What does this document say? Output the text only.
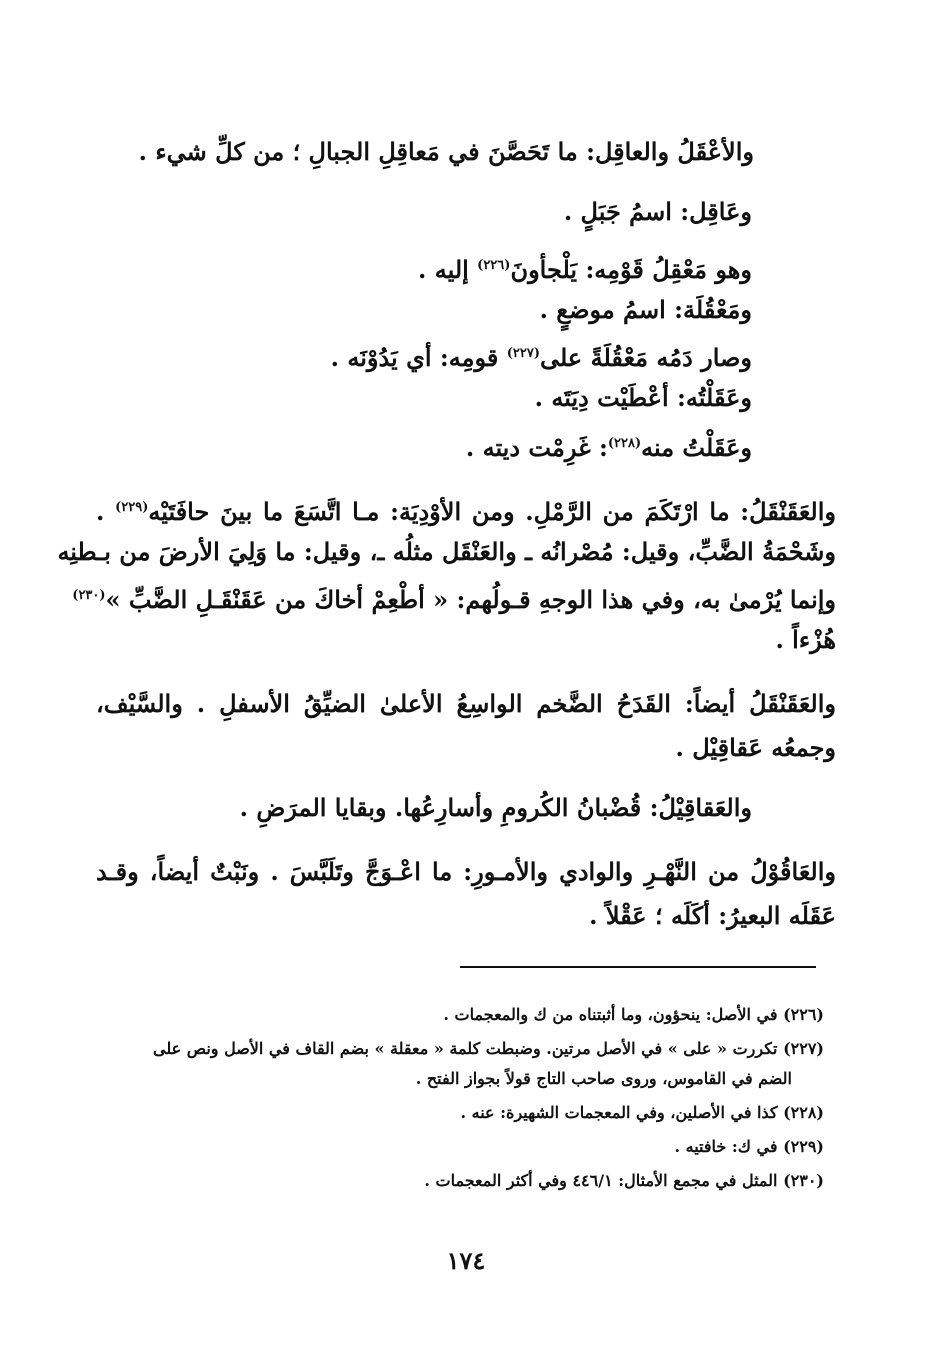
والأعْقَلُ والعاقِل: ما تَحَصَّنَ في مَعاقِلِ الجبالِ ؛ من كلِّ شيء .
وعَاقِل: اسمُ جَبَلٍ .
وهو مَعْقِلُ قَوْمِه: يَلْجأونَ$^{(٢٢٦)}$ إليه .
ومَعْقُلَة: اسمُ موضعٍ .
وصار دَمُه مَعْقُلَةً على$^{(٢٢٧)}$ قومِه: أي يَدُوْنَه .
وعَقَلْتُه: أعْطَيْت دِيَتَه .
وعَقَلْتُ منه$^{(٢٢٨)}$: غَرِمْت ديته .
والعَقَنْقَلُ: ما ارْتَكَمَ من الرَّمْلِ. ومن الأوْدِيَة: مـا اتَّسَعَ ما بينَ حافَتَيْه$^{(٢٢٩)}$ .
وشَحْمَةُ الضَّبِّ، وقيل: مُصْرانُه ـ والعَنْقَل مثلُه ـ، وقيل: ما وَلِيَ الأرضَ من بـطنِه
وإنما يُرْمىٰ به، وفي هذا الوجهِ قـولُهم: « أطْعِمْ أخاكَ من عَقَنْقَـلِ الضَّبِّ »$^{(٢٣٠)}$
هُزْءاً .
والعَقَنْقَلُ أيضاً: القَدَحُ الضَّخم الواسِعُ الأعلىٰ الضيِّقُ الأسفلِ . والسَّيْف،
وجمعُه عَقاقِيْل .
والعَقاقِيْلُ: قُضْبانُ الكُرومِ وأسارِعُها. وبقايا المرَضِ .
والعَاقُوْلُ من النَّهْـرِ والوادي والأمـورِ: ما اعْـوَجَّ وتَلَبَّسَ . ونَبْتٌ أيضاً، وقـد
عَقَلَه البعيرُ: أكَلَه ؛ عَقْلاً .
(٢٢٦) في الأصل: ينحؤون، وما أثبتناه من ك والمعجمات .
(٢٢٧) تكررت « على » في الأصل مرتين. وضبطت كلمة « معقلة » بضم القاف في الأصل ونص على
الضم في القاموس، وروى صاحب التاج قولاً بجواز الفتح .
(٢٢٨) كذا في الأصلين، وفي المعجمات الشهيرة: عنه .
(٢٢٩) في ك: خافتيه .
(٢٣٠) المثل في مجمع الأمثال: ٤٤٦/١ وفي أكثر المعجمات .
١٧٤
